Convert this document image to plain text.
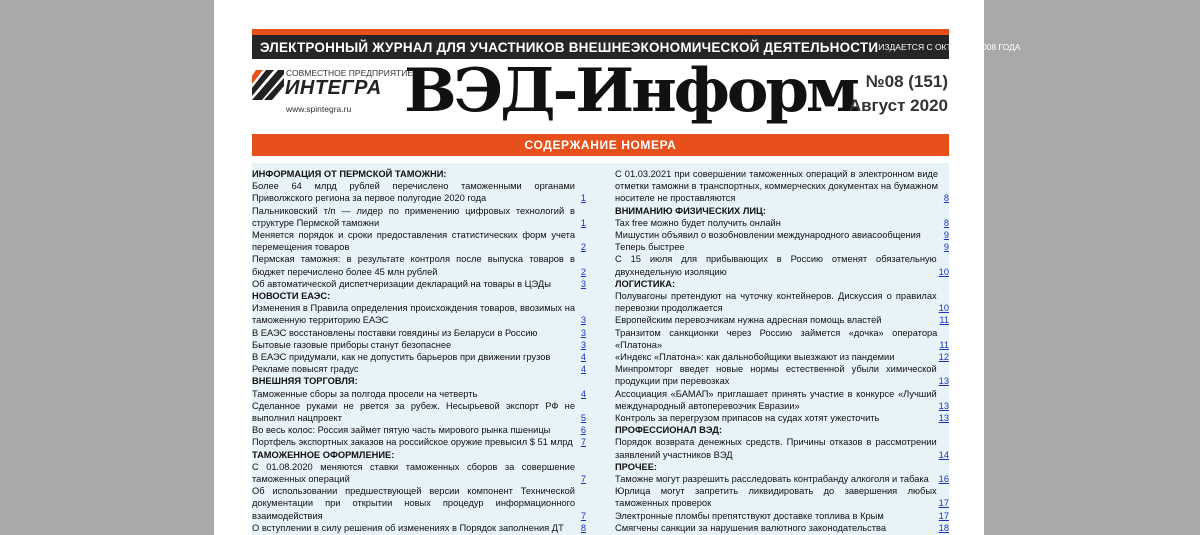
ЭЛЕКТРОННЫЙ ЖУРНАЛ ДЛЯ УЧАСТНИКОВ ВНЕШНЕЭКОНОМИЧЕСКОЙ ДЕЯТЕЛЬНОСТИ ИЗДАЕТСЯ С ОКТЯБРЯ 2008 ГОДА
СОВМЕСТНОЕ ПРЕДПРИЯТИЕ
ИНТЕГРА
www.spintegra.ru ВЭД-Информ №08 (151)
Август 2020
СОДЕРЖАНИЕ НОМЕРА
ИНФОРМАЦИЯ ОТ ПЕРМСКОЙ ТАМОЖНИ:
Более 64 млрд рублей перечислено таможенными органами Приволжского региона за первое полугодие 2020 года	1
Пальниковский т/п — лидер по применению цифровых технологий в структуре Пермской таможни	1
Меняется порядок и сроки предоставления статистических форм учета перемещения товаров	2
Пермская таможня: в результате контроля после выпуска товаров в бюджет перечислено более 45 млн рублей	2
Об автоматической диспетчеризации деклараций на товары в ЦЭДы	3
НОВОСТИ ЕАЭС:
Изменения в Правила определения происхождения товаров, ввозимых на таможенную территорию ЕАЭС	3
В ЕАЭС восстановлены поставки говядины из Беларуси в Россию	3
Бытовые газовые приборы станут безопаснее	3
В ЕАЭС придумали, как не допустить барьеров при движении грузов	4
Рекламе повысят градус	4
ВНЕШНЯЯ ТОРГОВЛЯ:
Таможенные сборы за полгода просели на четверть	4
Сделанное руками не рвется за рубеж. Несырьевой экспорт РФ не выполнил нацпроект	5
Во весь колос: Россия займет пятую часть мирового рынка пшеницы	6
Портфель экспортных заказов на российское оружие превысил $ 51 млрд 7
ТАМОЖЕННОЕ ОФОРМЛЕНИЕ:
С 01.08.2020 меняются ставки таможенных сборов за совершение таможенных операций	7
Об использовании предшествующей версии компонент Технической документации при открытии новых процедур информационного взаимодействия	7
О вступлении в силу решения об изменениях в Порядок заполнения ДТ	8
С 01.03.2021 при совершении таможенных операций в электронном виде отметки таможни в транспортных, коммерческих документах на бумажном носителе не проставляются	8
ВНИМАНИЮ ФИЗИЧЕСКИХ ЛИЦ:
Tax free можно будет получить онлайн	8
Мишустин объявил о возобновлении международного авиасообщения	9
Теперь быстрее	9
С 15 июля для прибывающих в Россию отменят обязательную двухнедельную изоляцию	10
ЛОГИСТИКА:
Полувагоны претендуют на чуточку контейнеров. Дискуссия о правилах перевозки продолжается	10
Европейским перевозчикам нужна адресная помощь властей	11
Транзитом санкционки через Россию займется «дочка» оператора «Платона»	11
«Индекс «Платона»: как дальнобойщики выезжают из пандемии	12
Минпромторг введет новые нормы естественной убыли химической продукции при перевозках	13
Ассоциация «БАМАП» приглашает принять участие в конкурсе «Лучший международный автоперевозчик Евразии»	13
Контроль за перегрузом припасов на судах хотят ужесточить	13
ПРОФЕССИОНАЛ ВЭД:
Порядок возврата денежных средств. Причины отказов в рассмотрении заявлений участников ВЭД	14
ПРОЧЕЕ:
Таможне могут разрешить расследовать контрабанду алкоголя и табака	16
Юрлица могут запретить ликвидировать до завершения любых таможенных проверок	17
Электронные пломбы препятствуют доставке топлива в Крым	17
Смягчены санкции за нарушения валютного законодательства	18
